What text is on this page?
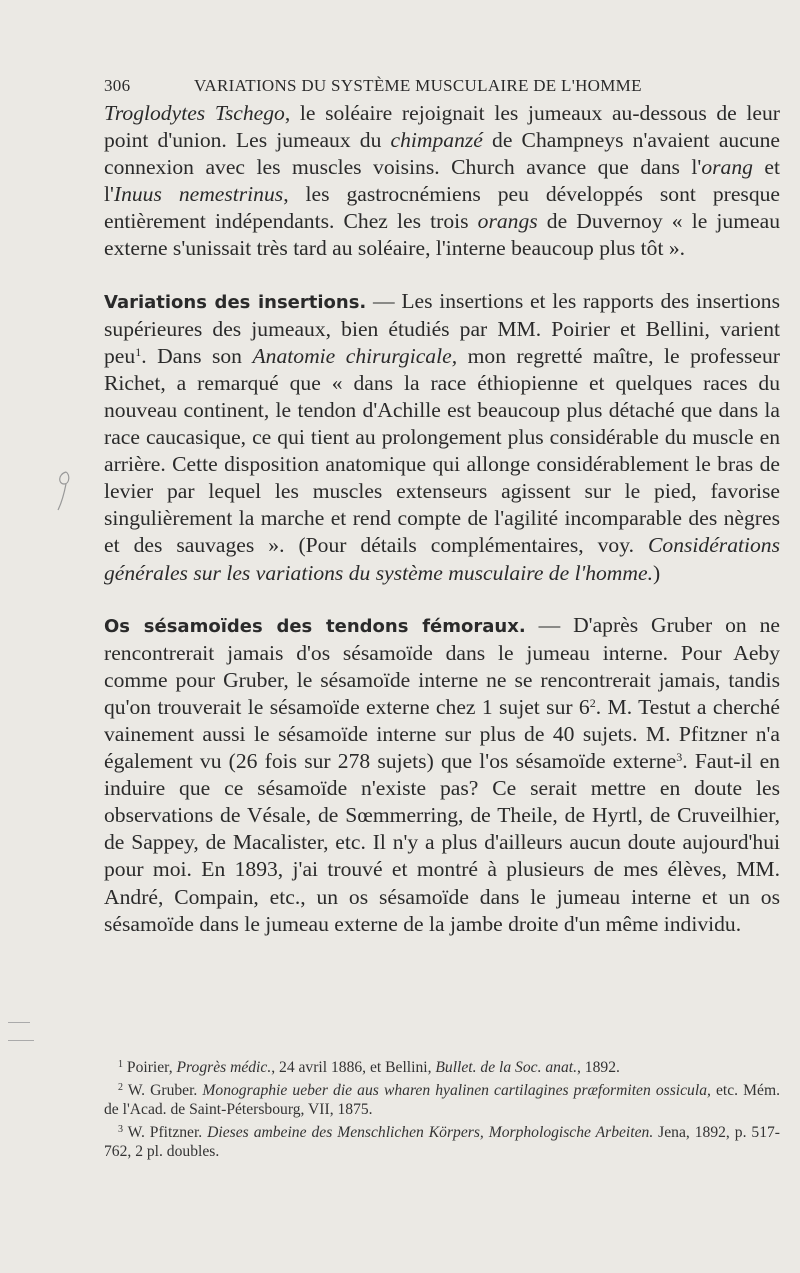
306	VARIATIONS DU SYSTÈME MUSCULAIRE DE L'HOMME

Troglodytes Tschego, le soléaire rejoignait les jumeaux au-dessous de leur point d'union. Les jumeaux du chimpanzé de Champneys n'avaient aucune connexion avec les muscles voisins. Church avance que dans l'orang et l'Inuus nemestrinus, les gastrocnémiens peu développés sont presque entièrement indépendants. Chez les trois orangs de Duvernoy « le jumeau externe s'unissait très tard au soléaire, l'interne beaucoup plus tôt ».

Variations des insertions. — Les insertions et les rapports des insertions supérieures des jumeaux, bien étudiés par MM. Poirier et Bellini, varient peu$^1$. Dans son Anatomie chirurgicale, mon regretté maître, le professeur Richet, a remarqué que « dans la race éthiopienne et quelques races du nouveau continent, le tendon d'Achille est beaucoup plus détaché que dans la race caucasique, ce qui tient au prolongement plus considérable du muscle en arrière. Cette disposition anatomique qui allonge considérablement le bras de levier par lequel les muscles extenseurs agissent sur le pied, favorise singulièrement la marche et rend compte de l'agilité incomparable des nègres et des sauvages ». (Pour détails complémentaires, voy. Considérations générales sur les variations du système musculaire de l'homme.)

Os sésamoïdes des tendons fémoraux. — D'après Gruber on ne rencontrerait jamais d'os sésamoïde dans le jumeau interne. Pour Aeby comme pour Gruber, le sésamoïde interne ne se rencontrerait jamais, tandis qu'on trouverait le sésamoïde externe chez 1 sujet sur $6^2$. M. Testut a cherché vainement aussi le sésamoïde interne sur plus de 40 sujets. M. Pfitzner n'a également vu (26 fois sur 278 sujets) que l'os sésamoïde externe$^3$. Faut-il en induire que ce sésamoïde n'existe pas? Ce serait mettre en doute les observations de Vésale, de Sœmmerring, de Theile, de Hyrtl, de Cruveilhier, de Sappey, de Macalister, etc. Il n'y a plus d'ailleurs aucun doute aujourd'hui pour moi. En 1893, j'ai trouvé et montré à plusieurs de mes élèves, MM. André, Compain, etc., un os sésamoïde dans le jumeau interne et un os sésamoïde dans le jumeau externe de la jambe droite d'un même individu.

$^1$ Poirier, Progrès médic., 24 avril 1886, et Bellini, Bullet. de la Soc. anat., 1892.

$^2$ W. Gruber. Monographie ueber die aus wharen hyalinen cartilagines præformiten ossicula, etc. Mém. de l'Acad. de Saint-Pétersbourg, VII, 1875.

$^3$ W. Pfitzner. Dieses ambeine des Menschlichen Körpers, Morphologische Arbeiten. Jena, 1892, p. 517-762, 2 pl. doubles.
